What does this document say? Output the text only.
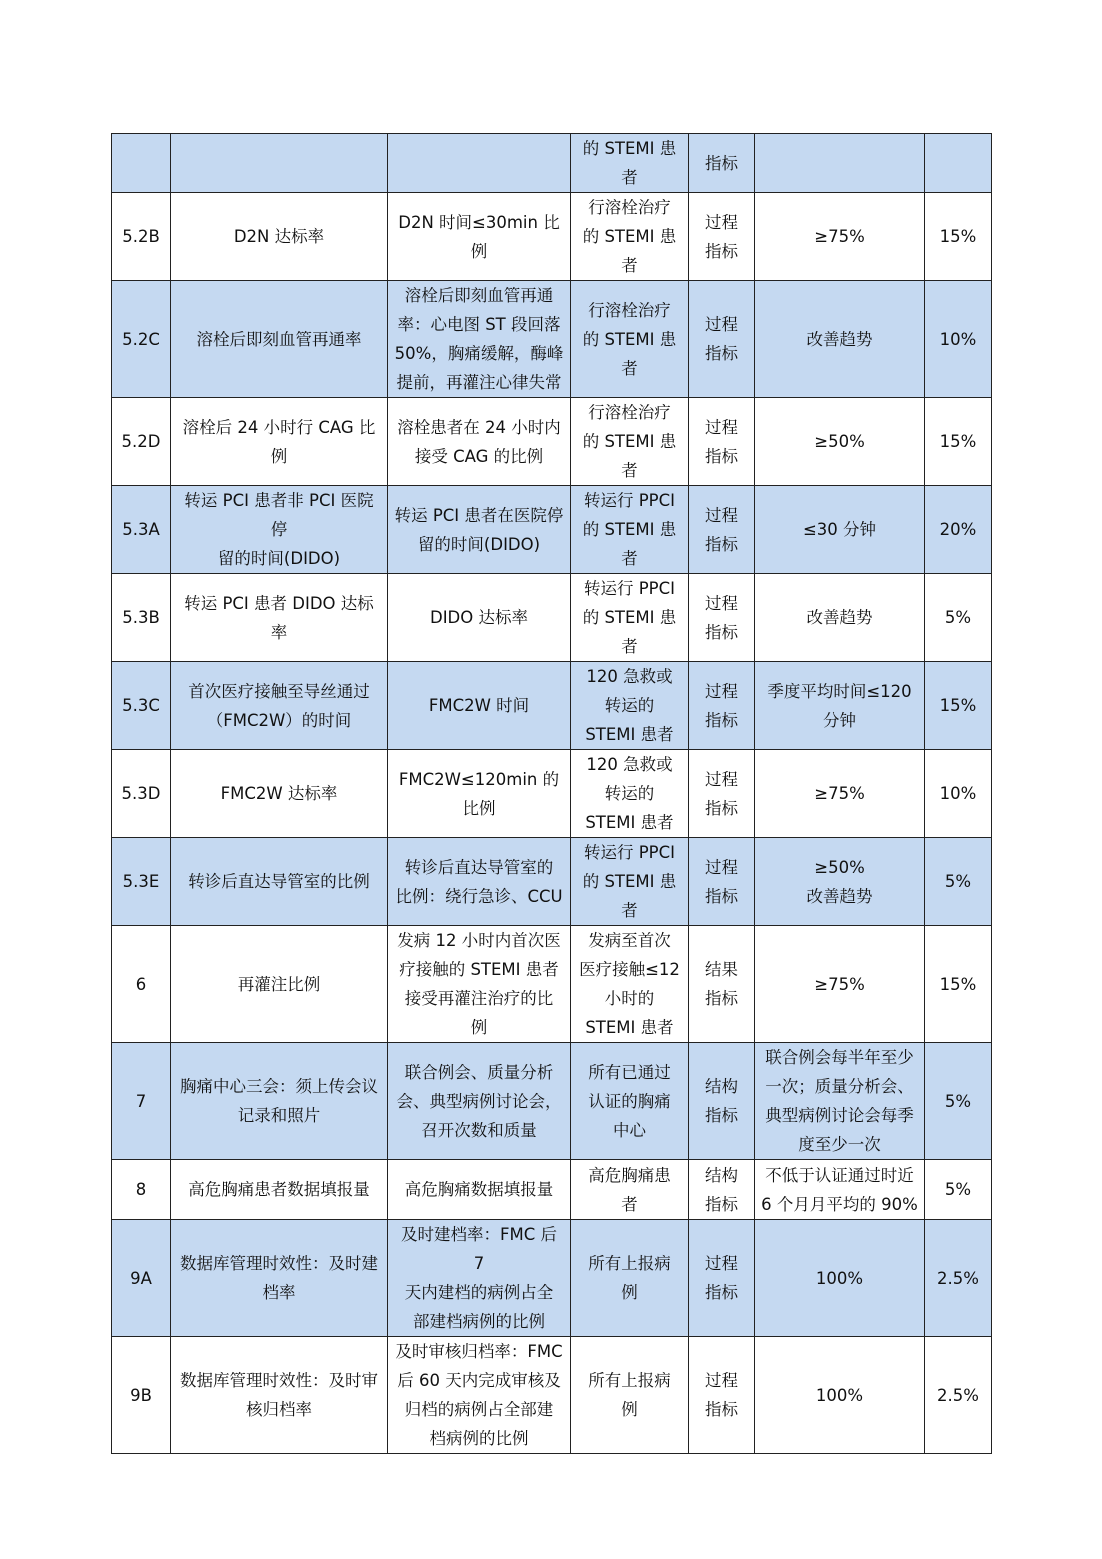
			的 STEMI 患
者	指标		

5.2B	D2N 达标率	D2N 时间≤30min 比
例	行溶栓治疗
的 STEMI 患
者	过程
指标	≥75%	15%
5.2C	溶栓后即刻血管再通率	溶栓后即刻血管再通
率：心电图 ST 段回落
50%，胸痛缓解，酶峰
提前，再灌注心律失常	行溶栓治疗
的 STEMI 患
者	过程
指标	改善趋势	10%
5.2D	溶栓后 24 小时行 CAG 比例	溶栓患者在 24 小时内
接受 CAG 的比例	行溶栓治疗
的 STEMI 患
者	过程
指标	≥50%	15%
5.3A	转运 PCI 患者非 PCI 医院停
留的时间(DIDO)	转运 PCI 患者在医院停
留的时间(DIDO)	转运行 PPCI
的 STEMI 患
者	过程
指标	≤30 分钟	20%
5.3B	转运 PCI 患者 DIDO 达标率	DIDO 达标率	转运行 PPCI
的 STEMI 患
者	过程
指标	改善趋势	5%
5.3C	首次医疗接触至导丝通过
（FMC2W）的时间	FMC2W 时间	120 急救或
转运的
STEMI 患者	过程
指标	季度平均时间≤120
分钟	15%
5.3D	FMC2W 达标率	FMC2W≤120min 的
比例	120 急救或
转运的
STEMI 患者	过程
指标	≥75%	10%
5.3E	转诊后直达导管室的比例	转诊后直达导管室的
比例：绕行急诊、CCU	转运行 PPCI
的 STEMI 患
者	过程
指标	≥50%
改善趋势	5%
6	再灌注比例	发病 12 小时内首次医
疗接触的 STEMI 患者
接受再灌注治疗的比
例	发病至首次
医疗接触≤12
小时的
STEMI 患者	结果
指标	≥75%	15%
7	胸痛中心三会：须上传会议
记录和照片	联合例会、质量分析
会、典型病例讨论会，
召开次数和质量	所有已通过
认证的胸痛
中心	结构
指标	联合例会每半年至少
一次；质量分析会、
典型病例讨论会每季
度至少一次	5%
8	高危胸痛患者数据填报量	高危胸痛数据填报量	高危胸痛患
者	结构
指标	不低于认证通过时近
6 个月月平均的 90%	5%
9A	数据库管理时效性：及时建
档率	及时建档率：FMC 后 7
天内建档的病例占全
部建档病例的比例	所有上报病
例	过程
指标	100%	2.5%
9B	数据库管理时效性：及时审
核归档率	及时审核归档率：FMC
后 60 天内完成审核及
归档的病例占全部建
档病例的比例	所有上报病
例	过程
指标	100%	2.5%
